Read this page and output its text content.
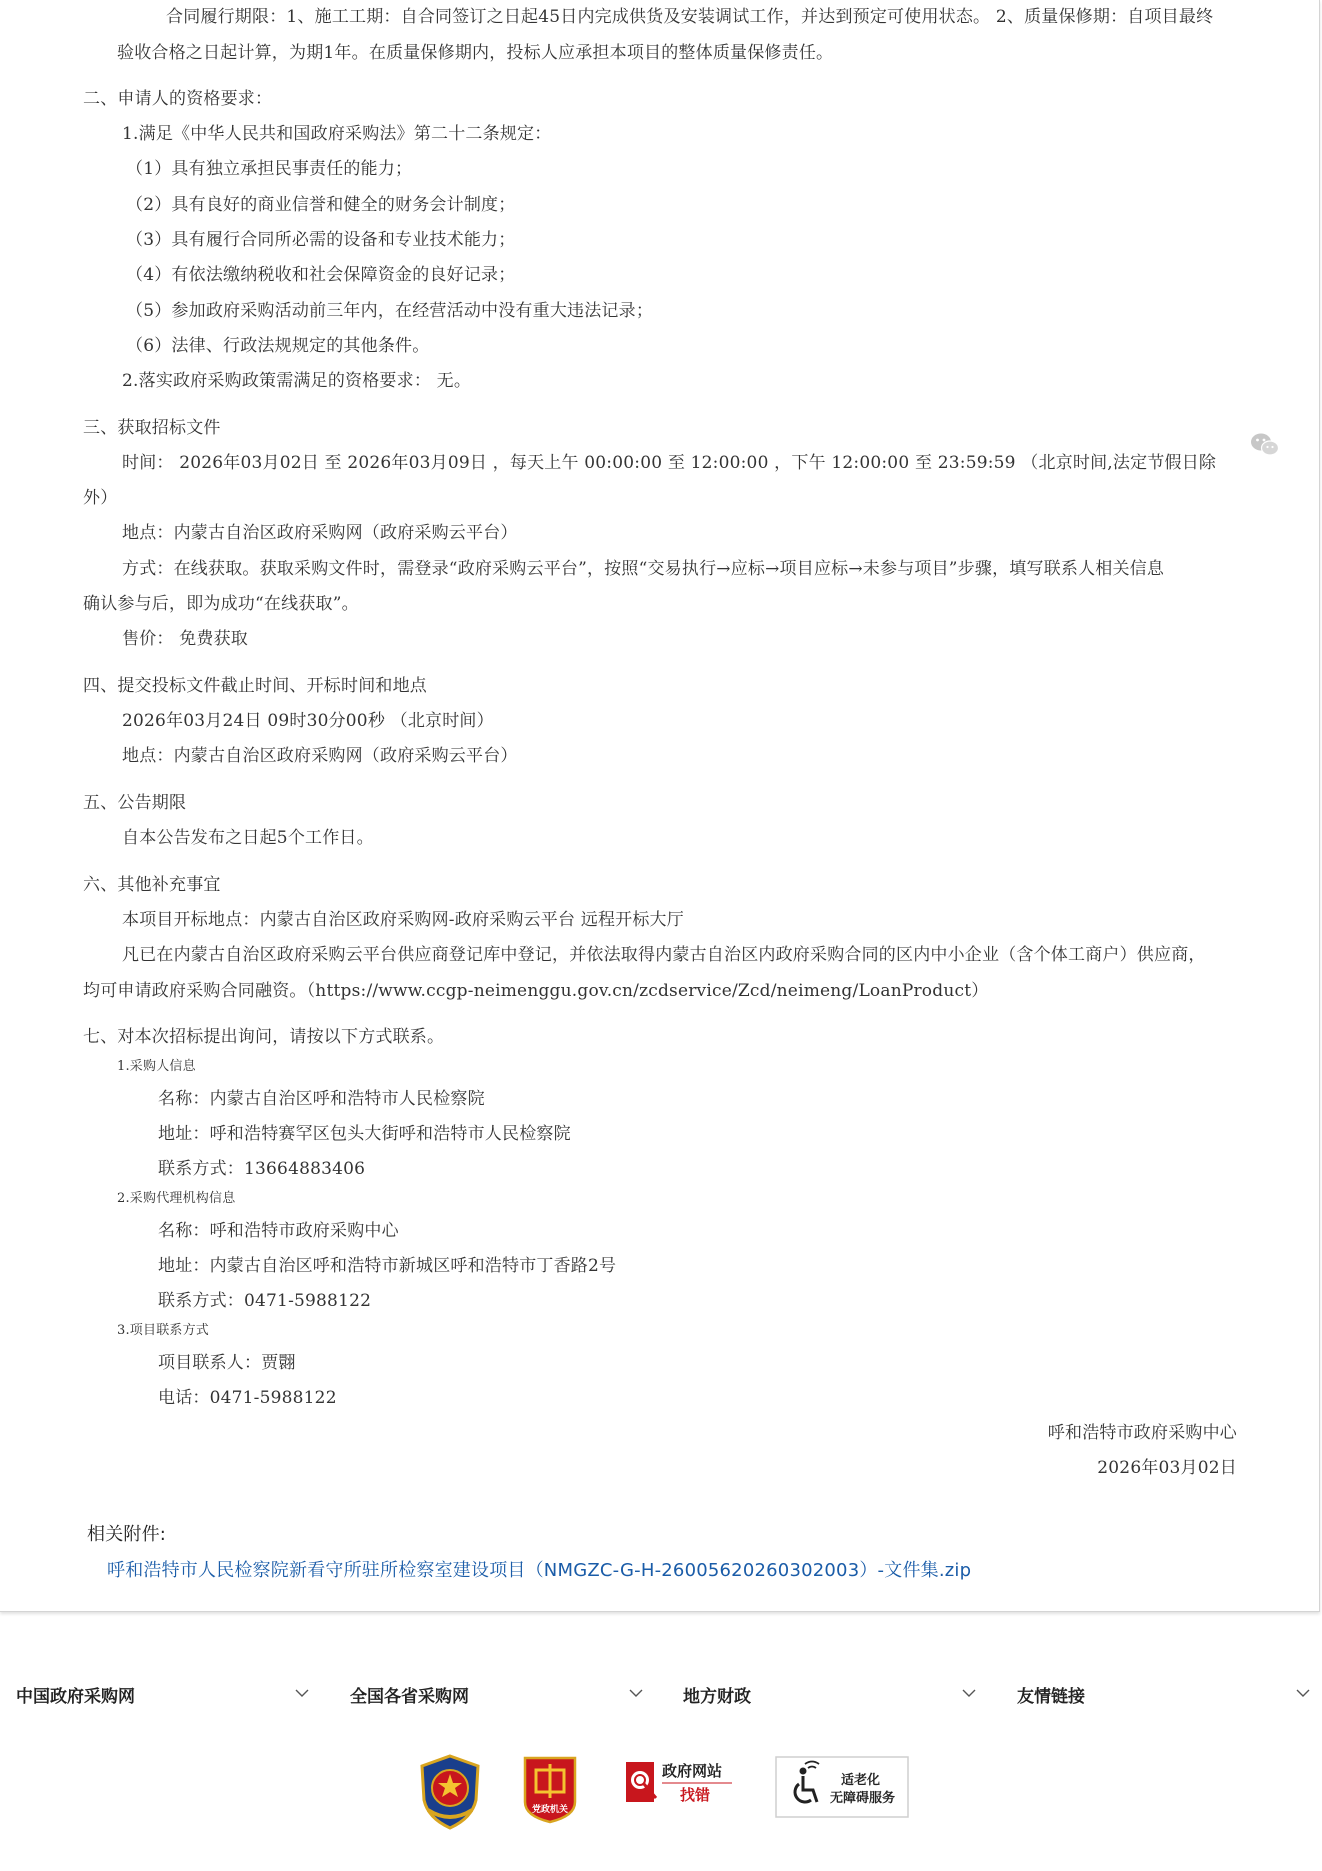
合同履行期限：1、施工工期：自合同签订之日起45日内完成供货及安装调试工作，并达到预定可使用状态。 2、质量保修期：自项目最终
验收合格之日起计算，为期1年。在质量保修期内，投标人应承担本项目的整体质量保修责任。
二、申请人的资格要求：
1.满足《中华人民共和国政府采购法》第二十二条规定：
（1）具有独立承担民事责任的能力；
（2）具有良好的商业信誉和健全的财务会计制度；
（3）具有履行合同所必需的设备和专业技术能力；
（4）有依法缴纳税收和社会保障资金的良好记录；
（5）参加政府采购活动前三年内，在经营活动中没有重大违法记录；
（6）法律、行政法规规定的其他条件。
2.落实政府采购政策需满足的资格要求： 无。
三、获取招标文件
时间： 2026年03月02日 至 2026年03月09日 ，每天上午 00:00:00 至 12:00:00 ，下午 12:00:00 至 23:59:59 （北京时间,法定节假日除
外）
地点：内蒙古自治区政府采购网（政府采购云平台）
方式：在线获取。获取采购文件时，需登录“政府采购云平台”，按照“交易执行→应标→项目应标→未参与项目”步骤，填写联系人相关信息
确认参与后，即为成功“在线获取”。
售价： 免费获取
四、提交投标文件截止时间、开标时间和地点
2026年03月24日 09时30分00秒 （北京时间）
地点：内蒙古自治区政府采购网（政府采购云平台）
五、公告期限
自本公告发布之日起5个工作日。
六、其他补充事宜
本项目开标地点：内蒙古自治区政府采购网-政府采购云平台 远程开标大厅
凡已在内蒙古自治区政府采购云平台供应商登记库中登记，并依法取得内蒙古自治区内政府采购合同的区内中小企业（含个体工商户）供应商，
均可申请政府采购合同融资。（https://www.ccgp-neimenggu.gov.cn/zcdservice/Zcd/neimeng/LoanProduct）
七、对本次招标提出询问，请按以下方式联系。
1.采购人信息
名称：内蒙古自治区呼和浩特市人民检察院
地址：呼和浩特赛罕区包头大街呼和浩特市人民检察院
联系方式：13664883406
2.采购代理机构信息
名称：呼和浩特市政府采购中心
地址：内蒙古自治区呼和浩特市新城区呼和浩特市丁香路2号
联系方式：0471-5988122
3.项目联系方式
项目联系人：贾翾
电话：0471-5988122
呼和浩特市政府采购中心
2026年03月02日
相关附件:
呼和浩特市人民检察院新看守所驻所检察室建设项目（NMGZC-G-H-26005620260302003）-文件集.zip
中国政府采购网	全国各省采购网	地方财政	友情链接
党政机关
政府网站
找错
适老化
无障碍服务
